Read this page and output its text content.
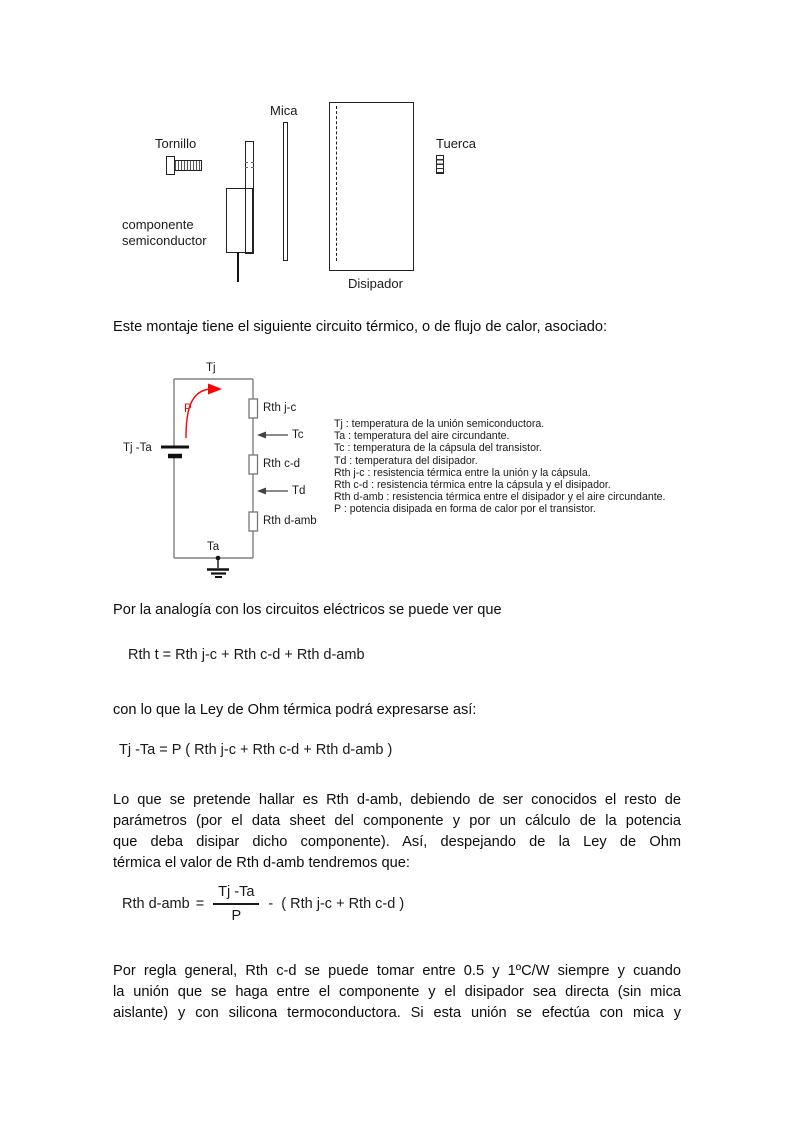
Tornillo
Mica
componente
semiconductor
Disipador
Tuerca
Este montaje tiene el siguiente circuito térmico, o de flujo de calor, asociado:
Tj
Tj -Ta
P	Rth j-c
Tc
Rth c-d
Td
Rth d-amb
Ta
Tj : temperatura de la unión semiconductora.
Ta : temperatura del aire circundante.
Tc : temperatura de la cápsula del transistor.
Td : temperatura del disipador.
Rth j-c : resistencia térmica entre la unión y la cápsula.
Rth c-d : resistencia térmica entre la cápsula y el disipador.
Rth d-amb : resistencia térmica entre el disipador y el aire circundante.
P : potencia disipada en forma de calor por el transistor.
Por la analogía con los circuitos eléctricos se puede ver que
Rth t = Rth j-c + Rth c-d + Rth d-amb
con lo que la Ley de Ohm térmica podrá expresarse así:
Tj -Ta = P ( Rth j-c + Rth c-d + Rth d-amb )
Lo que se pretende hallar es Rth d-amb, debiendo de ser conocidos el resto de
parámetros (por el data sheet del componente y por un cálculo de la potencia
que deba disipar dicho componente). Así, despejando de la Ley de Ohm
térmica el valor de Rth d-amb tendremos que:
Rth $d-amb = \frac{Tj -Ta}{P}$ -  ( Rth j-c + Rth c-d )
Por regla general, Rth c-d se puede tomar entre 0.5 y 1ºC/W siempre y cuando
la unión que se haga entre el componente y el disipador sea directa (sin mica
aislante) y con silicona termoconductora. Si esta unión se efectúa con mica y
